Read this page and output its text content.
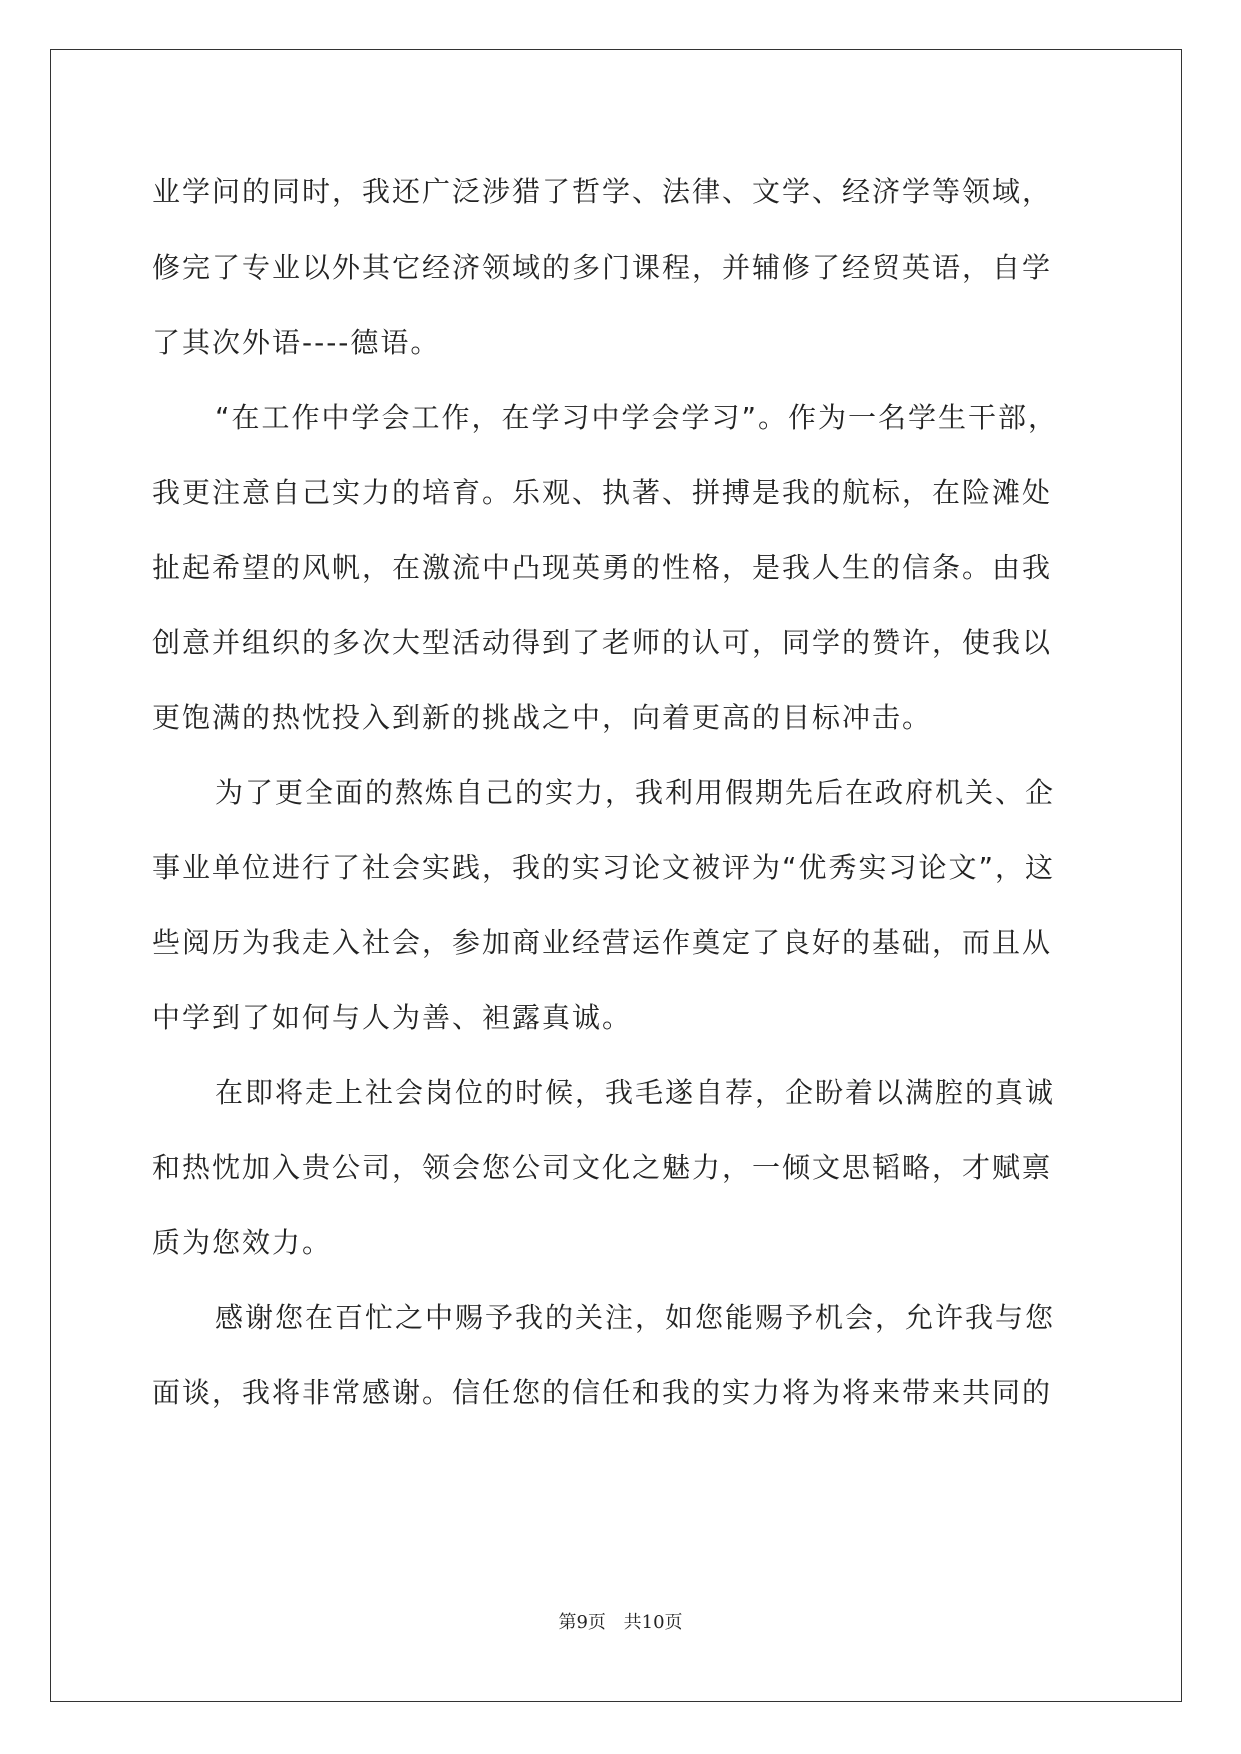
业学问的同时，我还广泛涉猎了哲学、法律、文学、经济学等领域，
修完了专业以外其它经济领域的多门课程，并辅修了经贸英语，自学
了其次外语----德语。
“在工作中学会工作，在学习中学会学习”。作为一名学生干部，
我更注意自己实力的培育。乐观、执著、拼搏是我的航标，在险滩处
扯起希望的风帆，在激流中凸现英勇的性格，是我人生的信条。由我
创意并组织的多次大型活动得到了老师的认可，同学的赞许，使我以
更饱满的热忱投入到新的挑战之中，向着更高的目标冲击。
为了更全面的熬炼自己的实力，我利用假期先后在政府机关、企
事业单位进行了社会实践，我的实习论文被评为“优秀实习论文”，这
些阅历为我走入社会，参加商业经营运作奠定了良好的基础，而且从
中学到了如何与人为善、袒露真诚。
在即将走上社会岗位的时候，我毛遂自荐，企盼着以满腔的真诚
和热忱加入贵公司，领会您公司文化之魅力，一倾文思韬略，才赋禀
质为您效力。
感谢您在百忙之中赐予我的关注，如您能赐予机会，允许我与您
面谈，我将非常感谢。信任您的信任和我的实力将为将来带来共同的
第9页 共10页
